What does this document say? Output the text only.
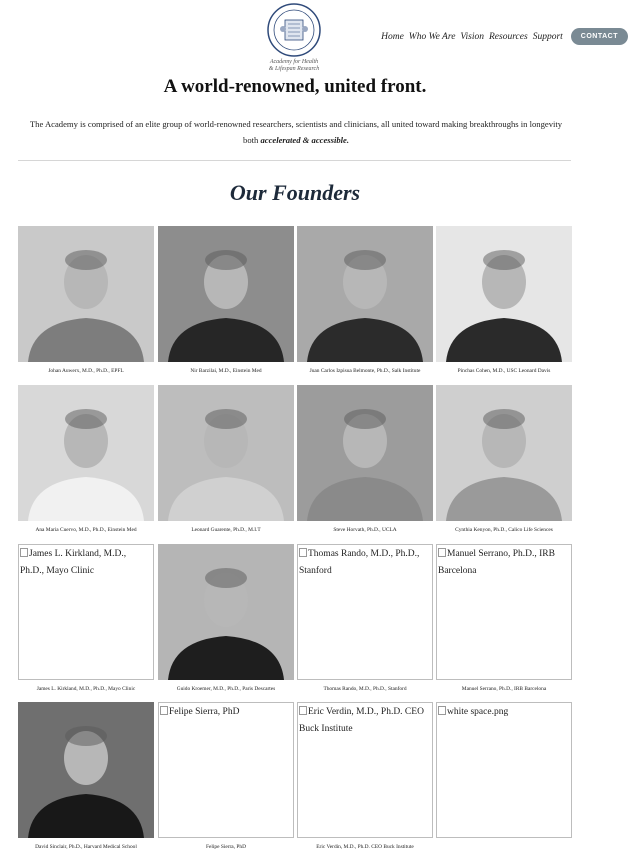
Academy for Health
& Lifespan Research
Home Who We Are Vision Resources Support	CONTACT
A world-renowned, united front.

The Academy is comprised of an elite group of world-renowned researchers, scientists and clinicians, all united toward making breakthroughs in longevity
both accelerated & accessible.

Our Founders
Johan Auwerx, M.D., Ph.D., EPFL	Nir Barzilai, M.D., Einstein Med	Juan Carlos Izpisua Belmonte, Ph.D., Salk Institute	Pinchas Cohen, M.D., USC Leonard Davis
Ana Maria Cuervo, M.D., Ph.D., Einstein Med	Leonard Guarente, Ph.D., M.I.T	Steve Horvath, Ph.D., UCLA	Cynthia Kenyon, Ph.D., Calico Life Sciences
James L. Kirkland, M.D., Ph.D., Mayo Clinic
James L. Kirkland, M.D., Ph.D., Mayo Clinic	Guido Kroemer, M.D., Ph.D., Paris Descartes
Thomas Rando, M.D., Ph.D., Stanford
Thomas Rando, M.D., Ph.D., Stanford
Manuel Serrano, Ph.D., IRB Barcelona
Manuel Serrano, Ph.D., IRB Barcelona
David Sinclair, Ph.D., Harvard Medical School
Felipe Sierra, PhD
Felipe Sierra, PhD
Eric Verdin, M.D., Ph.D. CEO Buck Institute
Eric Verdin, M.D., Ph.D. CEO Buck Institute
white space.png
